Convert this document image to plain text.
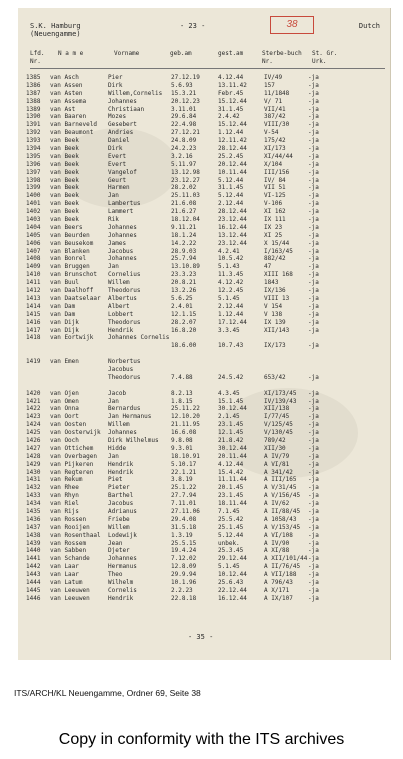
S.K. Hamburg
(Neuengamme)
- 23 -	Dutch
38
Lfd. Nr.
N a m e	Vorname	geb.am	gest.am	Sterbe-buch Nr.
St. Gr. Urk.
1385 van Asch	Pier	27.12.19	4.12.44	IV/49	-ja
1386 van Assen	Dirk	5.6.93	13.11.42	157	-ja
1387 van Asten	Willem,Cornelis 15.3.21	Febr.45	11/1848	-ja
1388 van Assema	Johannes	20.12.23	15.12.44	V/ 71	-ja
1389 van Ast	Christiaan	3.11.01	31.1.45	VII/41	-ja
1390 van Baaren	Mozes	29.6.84	2.4.42	387/42	-ja
1391 van Barneveld Gesebert	22.4.98	15.12.44	VIII/30	-ja
1392 van Beaumont Andries	27.12.21	1.12.44	V-54	-ja
1393 van Beek	Daniel	24.8.09	12.11.42	175/42	-ja
1394 van Beek	Dirk	24.2.23	28.12.44	XI/173	-ja
1395 van Beek	Evert	3.2.16	25.2.45	XI/44/44	-ja
1396 van Beek	Evert	5.11.97	20.12.44	X/104	-ja
1397 van Beek	Vangelof	13.12.98	10.11.44	III/156	-ja
1398 van Beek	Geurt	23.12.27	5.12.44	IV/ 84	-ja
1399 van Beek	Harmen	28.2.02	31.1.45	VII 51	-ja
1400 van Beek	Jan	25.11.03	5.12.44	VI-125	-ja
1401 van Beek	Lambertus	21.6.08	2.12.44	V-106	-ja
1402 van Beek	Lammert	21.6.27	28.12.44	XI 162	-ja
1403 van Beek	Rik	18.12.04	23.12.44	IX 111	-ja
1404 van Beers	Johannes	9.11.21	16.12.44	IX 23	-ja
1405 van Beurden	Johannes	18.1.24	13.12.44	XI 25	-ja
1406 van Beusekom James	14.2.22	23.12.44	X 15/44	-ja
1407 van Blanken	Jacobus	28.9.03	4.2.41	I/163/45	-ja
1408 van Bonrel	Johannes	25.7.94	10.5.42	882/42	-ja
1409 van Bruggen	Jan	13.10.89	5.1.43	47	-ja
1410 van Brunschot Cornelius	23.3.23	11.3.45	XIII 168	-ja
1411 van Buul	Willem	20.8.21	4.12.42	1843	-ja
1412 van Daalhoff Theodorus	13.2.26	12.2.45	IX/136	-ja
1413 van Daatselaar Albertus	5.6.25	5.1.45	VIII 13	-ja
1414 van Dam	Albert	2.4.01	2.12.44	V 154	-ja
1415 van Dam	Lobbert	12.1.15	1.12.44	V 138	-ja
1416 van Dijk	Theodorus	28.2.07	17.12.44	IX 139	-ja
1417 van Dijk	Hendrik	16.8.20	3.3.45	XII/143	-ja
1418 van Eortwijk Johannes Cornelis
18.6.00	10.7.43	IX/173	-ja
1419 van Emen	Norbertus
Jacobus
Theodorus	7.4.88	24.5.42	653/42	-ja
1420 van Ojen	Jacob	8.2.13	4.3.45	XI/173/45 -ja
1421 van Omen	Jan	1.8.15	15.1.45	IV/139/43 -ja
1422 van Onna	Bernardus	25.11.22	30.12.44	XII/138	-ja
1423 van Oort	Jan Hermanus	12.10.20	2.1.45	I/77/45	-ja
1424 van Oosten	Willem	21.11.95	23.1.45	V/125/45	-ja
1425 van Oosterwijk Johannes	16.6.08	12.1.45	V/130/45	-ja
1426 van Ooch	Dirk Wilhelmus 9.8.08	21.8.42	789/42	-ja
1427 van Ottichem Hidde	9.3.01	30.12.44	XII/30	-ja
1428 van Overbagen Jan	18.10.91	20.11.44	A IV/79	-ja
1429 van Pijkeren Hendrik	5.10.17	4.12.44	A VI/81	-ja
1430 van Regteren Hendrik	22.1.21	15.4.42	A 341/42	-ja
1431 van Rekum	Piet	3.8.19	11.11.44	A III/165 -ja
1432 van Rhee	Pieter	25.1.22	20.1.45	A V/31/45 -ja
1433 van Rhyn	Barthel	27.7.94	23.1.45	A V/156/45 -ja
1434 van Riel	Jacobus	7.11.01	18.11.44	A IV/62	-ja
1435 van Rijs	Adrianus	27.11.06	7.1.45	A II/88/45 -ja
1436 van Rossen	Friebe	29.4.08	25.5.42	A 1058/43 -ja
1437 van Rooijen	Willem	31.5.18	25.1.45	A V/153/45 -ja
1438 van Rosenthaal Lodewijk	1.3.19	5.12.44	A VI/108	-ja
1439 van Rossem	Jean	25.5.15	unbek.	A IV/90	-ja
1440 van Sabben	Djeter	19.4.24	25.3.45	A XI/88	-ja
1441 van Schande	Johannes	7.12.02	29.12.44	A XII/101/44 -ja
1442 van Laar	Hermanus	12.8.09	5.1.45	A II/76/45 -ja
1443 van Laar	Theo	29.9.94	10.12.44	A VII/188 -ja
1444 van Latum	Wilhelm	10.1.96	25.6.43	A 796/43	-ja
1445 van Leeuwen	Cornelis	2.2.23	22.12.44	A X/171	-ja
1446 van Leeuwen	Hendrik	22.8.18	16.12.44	A IX/107	-ja
- 35 -
ITS/ARCH/KL Neuengamme, Ordner 69, Seite 38
Copy in conformity with the ITS archives
